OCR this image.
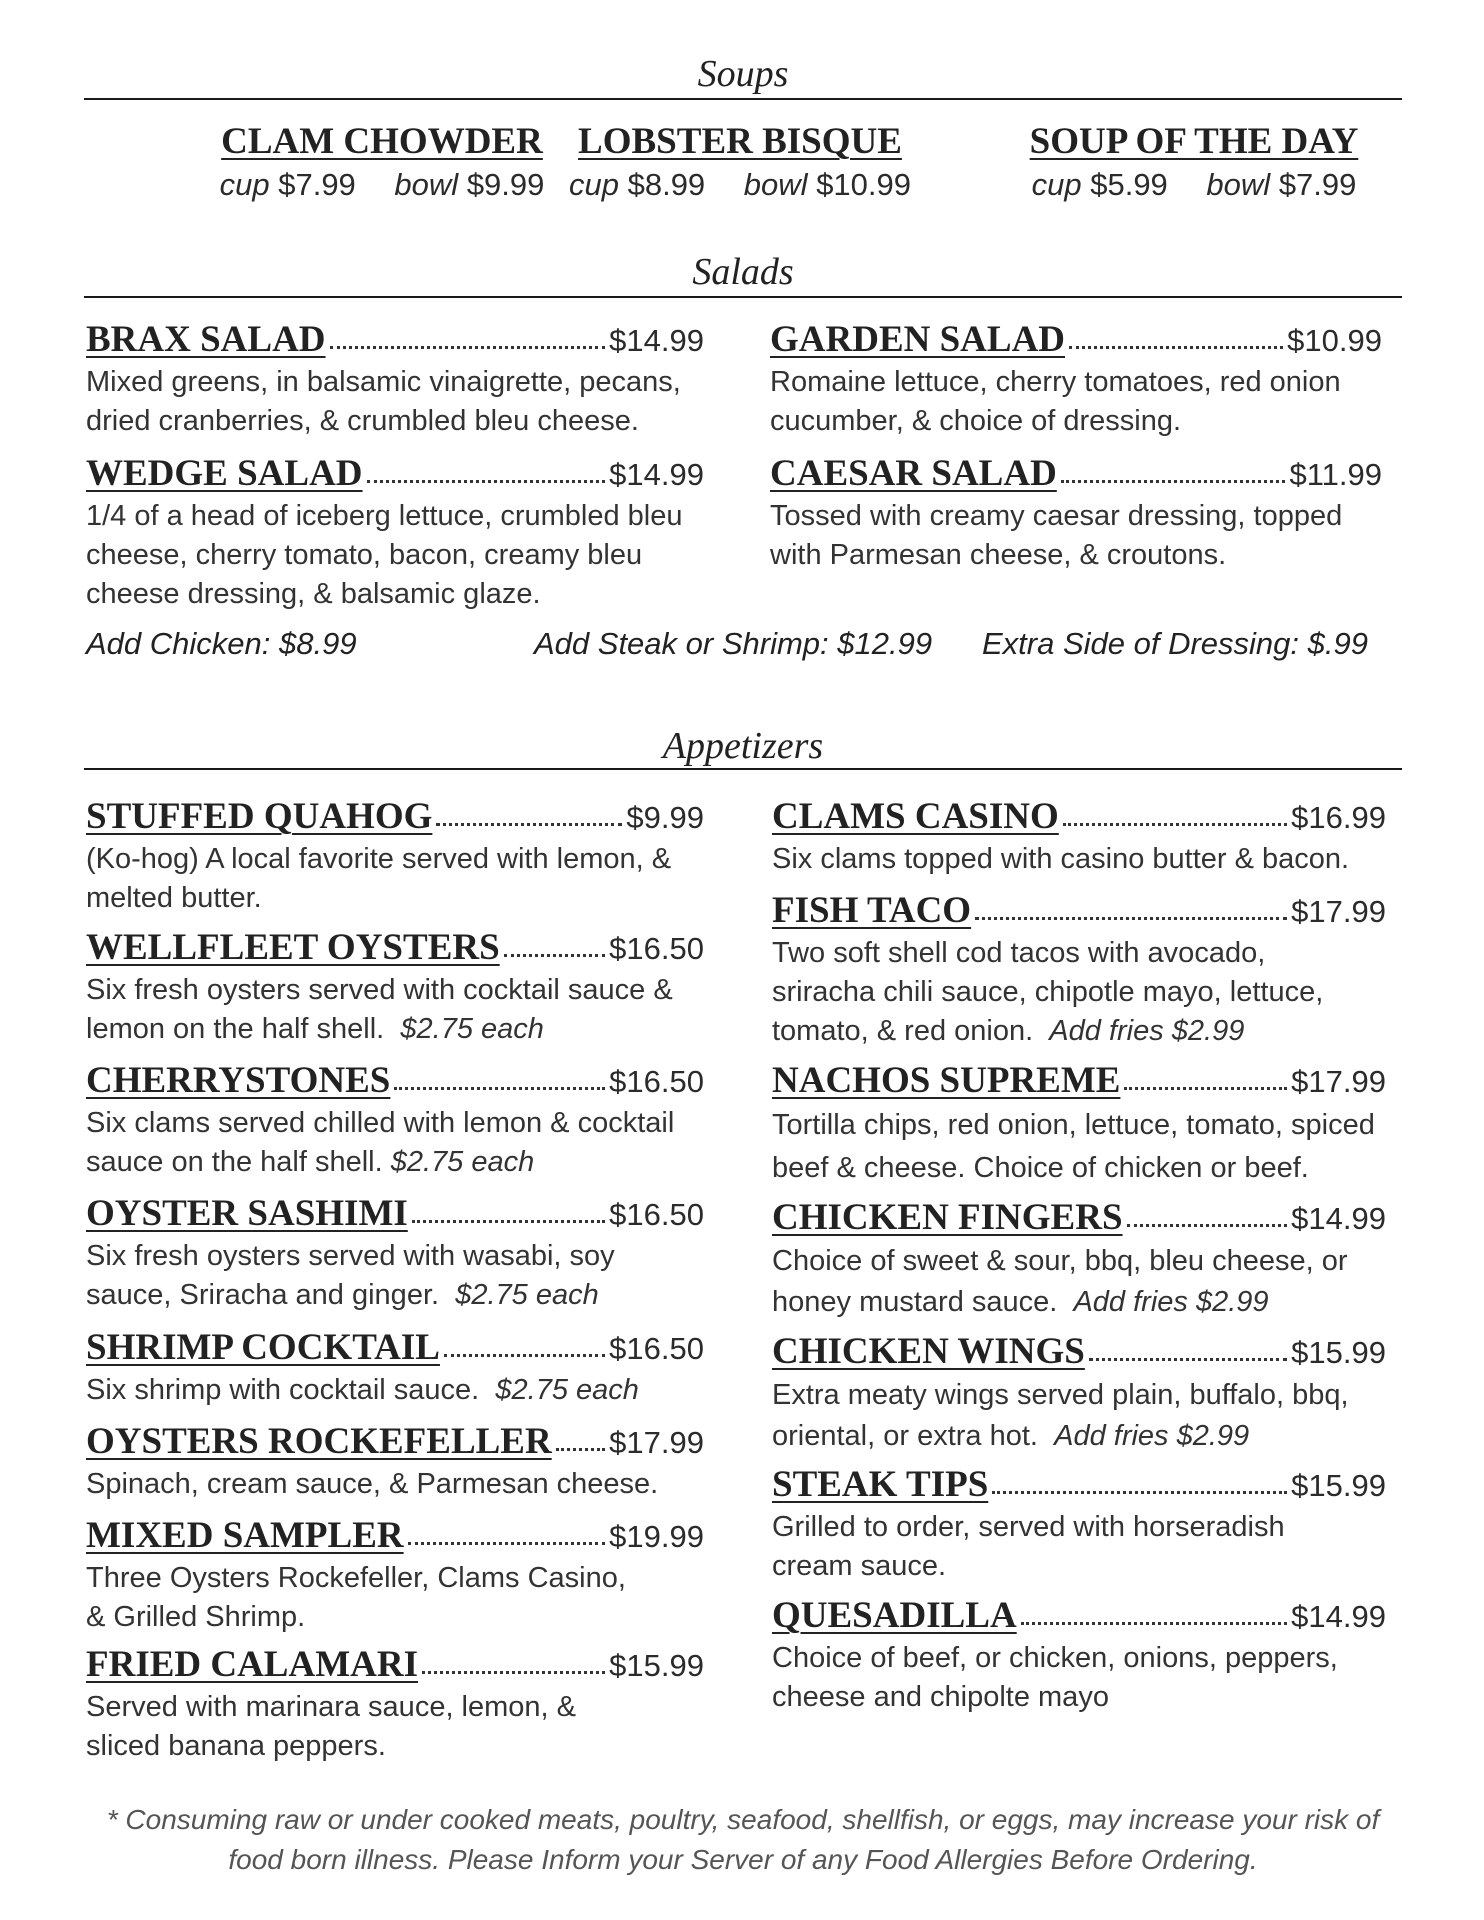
Soups
CLAM CHOWDER
cup $7.99 bowl $9.99
LOBSTER BISQUE
cup $8.99 bowl $10.99
SOUP OF THE DAY
cup $5.99 bowl $7.99
Salads
BRAX SALAD	$14.99
Mixed greens, in balsamic vinaigrette, pecans, dried cranberries, & crumbled bleu cheese.
GARDEN SALAD	$10.99
Romaine lettuce, cherry tomatoes, red onion cucumber, & choice of dressing.
WEDGE SALAD	$14.99
1/4 of a head of iceberg lettuce, crumbled bleu cheese, cherry tomato, bacon, creamy bleu cheese dressing, & balsamic glaze.
CAESAR SALAD	$11.99
Tossed with creamy caesar dressing, topped with Parmesan cheese, & croutons.
Add Chicken: $8.99	Add Steak or Shrimp: $12.99 Extra Side of Dressing: $.99
Appetizers
STUFFED QUAHOG	$9.99
(Ko-hog) A local favorite served with lemon, & melted butter.
WELLFLEET OYSTERS	$16.50
Six fresh oysters served with cocktail sauce & lemon on the half shell. $2.75 each
CHERRYSTONES	$16.50
Six clams served chilled with lemon & cocktail sauce on the half shell. $2.75 each
OYSTER SASHIMI	$16.50
Six fresh oysters served with wasabi, soy sauce, Sriracha and ginger. $2.75 each
SHRIMP COCKTAIL	$16.50
Six shrimp with cocktail sauce. $2.75 each
OYSTERS ROCKEFELLER $17.99
Spinach, cream sauce, & Parmesan cheese.
MIXED SAMPLER	$19.99
Three Oysters Rockefeller, Clams Casino, & Grilled Shrimp.
FRIED CALAMARI	$15.99
Served with marinara sauce, lemon, & sliced banana peppers.
CLAMS CASINO	$16.99
Six clams topped with casino butter & bacon.
FISH TACO	$17.99
Two soft shell cod tacos with avocado, sriracha chili sauce, chipotle mayo, lettuce, tomato, & red onion. Add fries $2.99
NACHOS SUPREME	$17.99
Tortilla chips, red onion, lettuce, tomato, spiced beef & cheese. Choice of chicken or beef.
CHICKEN FINGERS	$14.99
Choice of sweet & sour, bbq, bleu cheese, or honey mustard sauce. Add fries $2.99
CHICKEN WINGS	$15.99
Extra meaty wings served plain, buffalo, bbq, oriental, or extra hot. Add fries $2.99
STEAK TIPS	$15.99
Grilled to order, served with horseradish cream sauce.
QUESADILLA	$14.99
Choice of beef, or chicken, onions, peppers, cheese and chipolte mayo
* Consuming raw or under cooked meats, poultry, seafood, shellfish, or eggs, may increase your risk of food born illness. Please Inform your Server of any Food Allergies Before Ordering.
